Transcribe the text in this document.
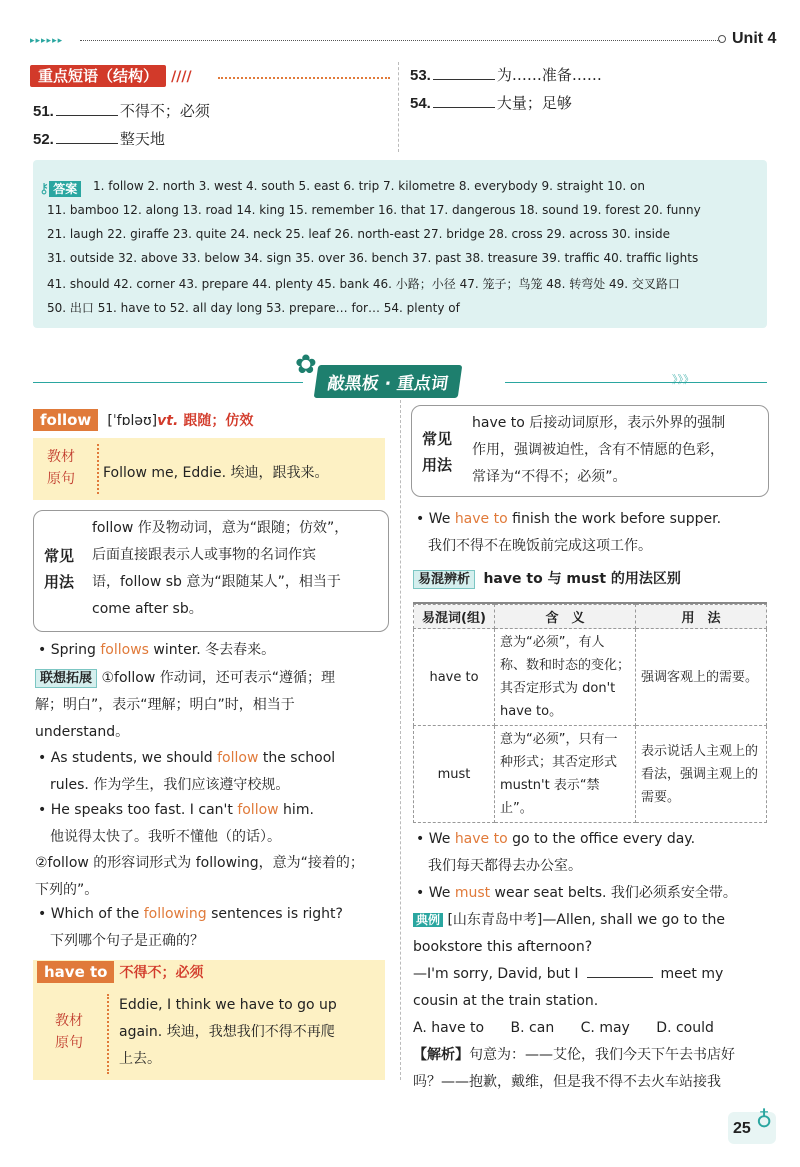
▸▸▸▸▸▸	Unit 4
重点短语（结构） ////
51.	不得不；必须
52.	整天地
53.	为……准备……
54.	大量；足够
⚷ 答案	1. follow 2. north 3. west 4. south 5. east 6. trip 7. kilometre 8. everybody 9. straight 10. on
11. bamboo 12. along 13. road 14. king 15. remember 16. that 17. dangerous 18. sound 19. forest 20. funny
21. laugh 22. giraffe 23. quite 24. neck 25. leaf 26. north-east 27. bridge 28. cross 29. across 30. inside
31. outside 32. above 33. below 34. sign 35. over 36. bench 37. past 38. treasure 39. traffic 40. traffic lights
41. should 42. corner 43. prepare 44. plenty 45. bank 46. 小路；小径 47. 笼子；鸟笼 48. 转弯处 49. 交叉路口
50. 出口 51. have to 52. all day long 53. prepare… for… 54. plenty of
✿
敲黑板 · 重点词	》》》
follow [ˈfɒləʊ]vt. 跟随；仿效
教材
原句 Follow me, Eddie. 埃迪，跟我来。
常见
用法
follow 作及物动词，意为“跟随；仿效”，
后面直接跟表示人或事物的名词作宾
语，follow sb 意为“跟随某人”，相当于
come after sb。
• Spring follows winter. 冬去春来。
联想拓展 ①follow 作动词，还可表示“遵循；理
解；明白”，表示“理解；明白”时，相当于
understand。
• As students, we should follow the school
rules. 作为学生，我们应该遵守校规。
• He speaks too fast. I can't follow him.
他说得太快了。我听不懂他（的话）。
②follow 的形容词形式为 following，意为“接着的；
下列的”。
• Which of the following sentences is right?
下列哪个句子是正确的？
have to 不得不；必须
教材
原句
Eddie, I think we have to go up
again. 埃迪，我想我们不得不再爬
上去。
常见
用法
have to 后接动词原形，表示外界的强制
作用，强调被迫性，含有不情愿的色彩，
常译为“不得不；必须”。
• We have to finish the work before supper.
我们不得不在晚饭前完成这项工作。
易混辨析 have to 与 must 的用法区别
易混词(组)	含　义	用　法
have to	意为“必须”，有人称、数和时态的变化；其否定形式为 don't have to。	强调客观上的需要。
must	意为“必须”，只有一种形式；其否定形式 mustn't 表示“禁止”。	表示说话人主观上的看法，强调主观上的需要。
• We have to go to the office every day.
我们每天都得去办公室。
• We must wear seat belts. 我们必须系安全带。
典例 [山东青岛中考]—Allen, shall we go to the
bookstore this afternoon?
—I'm sorry, David, but I	meet my
cousin at the train station.
A. have to B. can C. may D. could
【解析】句意为：——艾伦，我们今天下午去书店好
吗？——抱歉，戴维，但是我不得不去火车站接我
25 ♁
